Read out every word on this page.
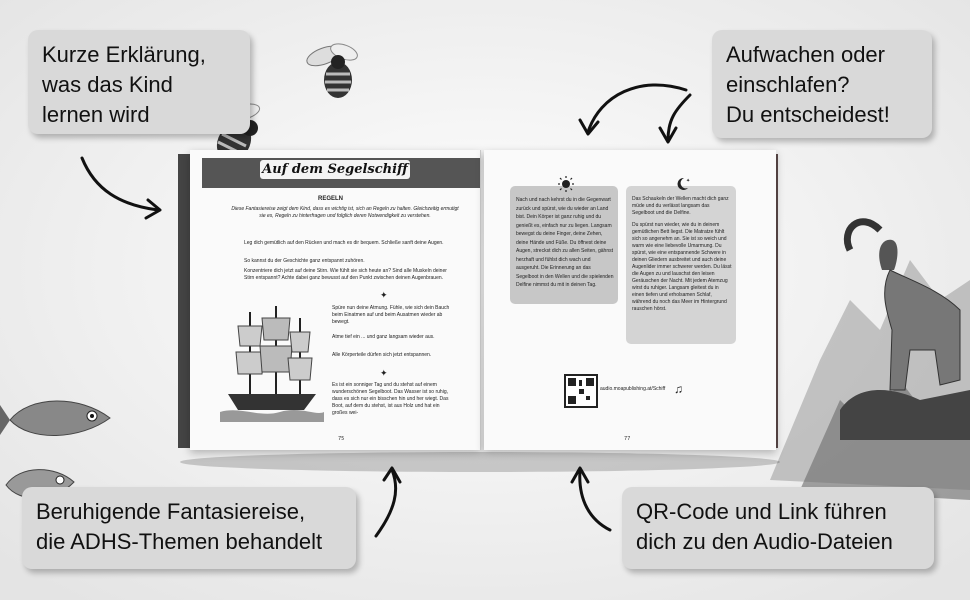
Kurze Erklärung,
was das Kind
lernen wird
Aufwachen oder
einschlafen?
Du entscheidest!
Beruhigende Fantasiereise,
die ADHS-Themen behandelt
QR-Code und Link führen
dich zu den Audio-Dateien
Auf dem Segelschiff
REGELN
Diese Fantasiereise zeigt dem Kind, dass es wichtig ist, sich an Regeln zu halten. Gleichzeitig ermutigt sie es, Regeln zu hinterfragen und folglich deren Notwendigkeit zu verstehen.
Leg dich gemütlich auf den Rücken und mach es dir bequem. Schließe sanft deine Augen.
So kannst du der Geschichte ganz entspannt zuhören.
Konzentriere dich jetzt auf deine Stirn. Wie fühlt sie sich heute an? Sind alle Muskeln deiner Stirn entspannt? Achte dabei ganz bewusst auf den Punkt zwischen deinen Augenbrauen.
✦
Spüre nun deine Atmung. Fühle, wie sich dein Bauch beim Einatmen auf und beim Ausatmen wieder ab bewegt.
Atme tief ein ... und ganz langsam wieder aus.
Alle Körperteile dürfen sich jetzt entspannen.
✦
Es ist ein sonniger Tag und du stehst auf einem wunderschönen Segelboot. Das Wasser ist so ruhig, dass es sich nur ein bisschen hin und her wiegt. Das Boot, auf dem du stehst, ist aus Holz und hat ein großes wei-
75
✦
Nach und nach kehrst du in die Gegenwart zurück und spürst, wie du wieder an Land bist. Dein Körper ist ganz ruhig und du genießt es, einfach nur zu liegen. Langsam bewegst du deine Finger, deine Zehen, deine Hände und Füße. Du öffnest deine Augen, streckst dich zu allen Seiten, gähnst herzhaft und fühlst dich wach und ausgeruht. Die Erinnerung an das Segelboot in den Wellen und die spielenden Delfine nimmst du mit in deinen Tag.
Das Schaukeln der Wellen macht dich ganz müde und du verlässt langsam das Segelboot und die Delfine.
Du spürst nun wieder, wie du in deinem gemütlichen Bett liegst. Die Matratze fühlt sich so angenehm an. Sie ist so weich und warm wie eine liebevolle Umarmung. Du spürst, wie eine entspannende Schwere in deinen Gliedern ausbreitet und auch deine Augenlider immer schwerer werden. Du lässt die Augen zu und lauschst den leisen Geräuschen der Nacht. Mit jedem Atemzug wirst du ruhiger. Langsam gleitest du in einen tiefen und erholsamen Schlaf, während du noch das Meer im Hintergrund rauschen hörst.
audio.moapublishing.at/Schiff ♫
77
